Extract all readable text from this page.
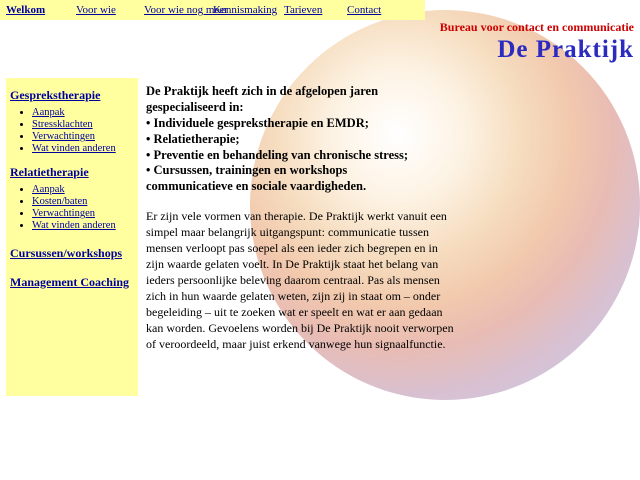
Welkom	Voor wie	Voor wie nog meer
Kennismaking Tarieven Contact
Bureau voor contact en communicatie
De Praktijk

Gesprekstherapie

• Aanpak
• Stressklachten
• Verwachtingen
• Wat vinden anderen

Relatietherapie

• Aanpak
• Kosten/baten
• Verwachtingen
• Wat vinden anderen

Cursussen/workshops

Management Coaching

De Praktijk heeft zich in de afgelopen jaren
gespecialiseerd in:
• Individuele gesprekstherapie en EMDR;
• Relatietherapie;
• Preventie en behandeling van chronische stress;
• Cursussen, trainingen en workshops
communicatieve en sociale vaardigheden.

Er zijn vele vormen van therapie. De Praktijk werkt vanuit een simpel maar belangrijk uitgangspunt: communicatie tussen mensen verloopt pas soepel als een ieder zich begrepen en in zijn waarde gelaten voelt. In De Praktijk staat het belang van ieders persoonlijke beleving daarom centraal. Pas als mensen zich in hun waarde gelaten weten, zijn zij in staat om – onder begeleiding – uit te zoeken wat er speelt en wat er aan gedaan kan worden. Gevoelens worden bij De Praktijk nooit verworpen of veroordeeld, maar juist erkend vanwege hun signaalfunctie.
